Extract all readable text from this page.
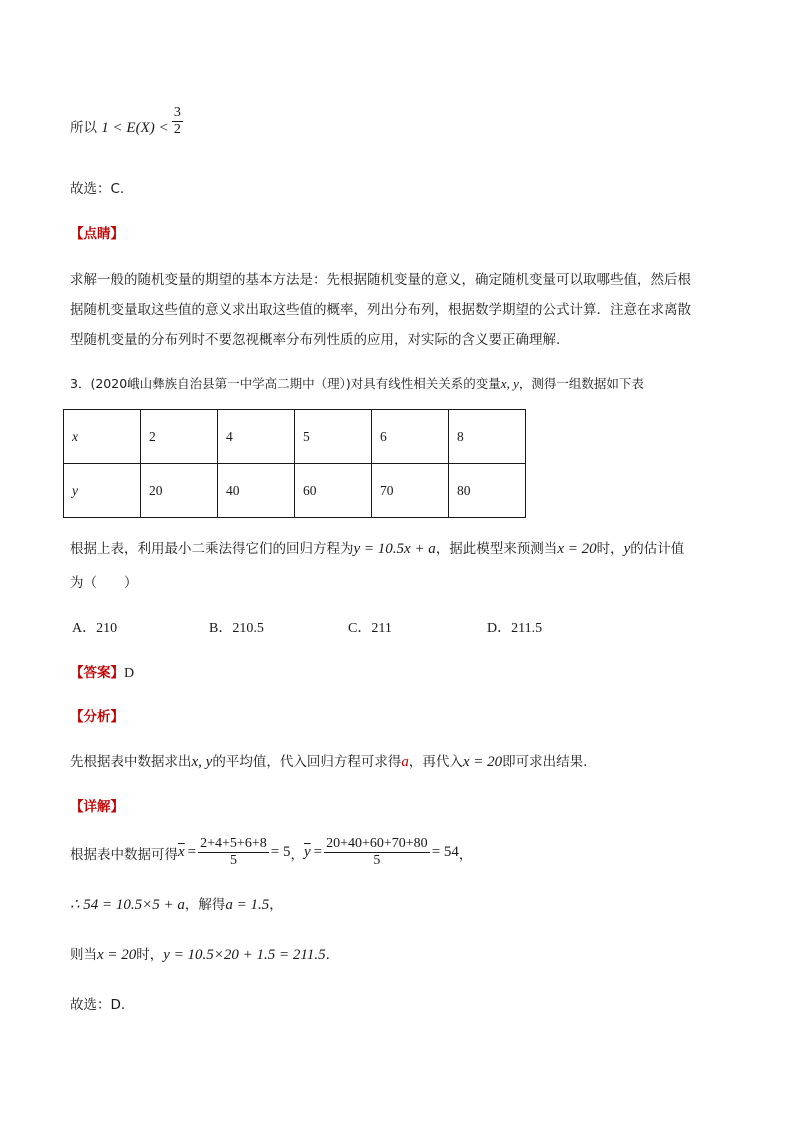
所以 $1 < E(X) < \frac{3}{2}$
故选：C.
【点睛】
求解一般的随机变量的期望的基本方法是：先根据随机变量的意义，确定随机变量可以取哪些值，然后根
据随机变量取这些值的意义求出取这些值的概率，列出分布列，根据数学期望的公式计算．注意在求离散
型随机变量的分布列时不要忽视概率分布列性质的应用，对实际的含义要正确理解.
3．(2020峨山彝族自治县第一中学高二期中（理）)对具有线性相关关系的变量x, y，测得一组数据如下表
x	2	4	5	6	8
y	20	40	60	70	80
根据上表，利用最小二乘法得它们的回归方程为y = 10.5x + a，据此模型来预测当x = 20时，y的估计值
为（　　）
A．210	B．210.5	C．211	D．211.5
【答案】D
【分析】
先根据表中数据求出x, y的平均值，代入回归方程可求得a，再代入x = 20即可求出结果.
【详解】
根据表中数据可得 $\overline{x} = \frac{2+4+5+6+8}{5} = 5$ ， $\overline{y} = \frac{20+40+60+70+80}{5} = 54$ ，
∴ 54 = 10.5×5 + a，解得a = 1.5，
则当x = 20时，y = 10.5×20 + 1.5 = 211.5.
故选：D.
